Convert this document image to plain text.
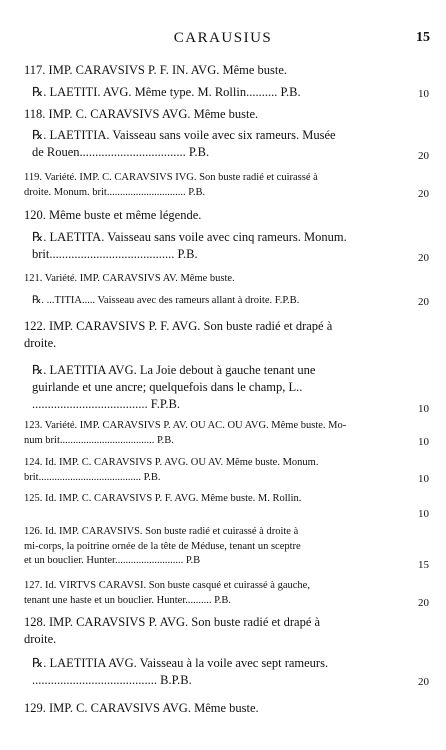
CARAUSIUS	15
117. IMP. CARAVSIVS P. F. IN. AVG. Même buste.
℞. LAETITI. AVG. Même type. M. Rollin.......... P.B.	10
118. IMP. C. CARAVSIVS AVG. Même buste.
℞. LAETITIA. Vaisseau sans voile avec six rameurs. Musée
de Rouen.................................. P.B.	20
119. Variété. IMP. C. CARAVSIVS IVG. Son buste radié et cuirassé à
droite. Monum. brit.............................. P.B.	20
120. Même buste et même légende.
℞. LAETITA. Vaisseau sans voile avec cinq rameurs. Monum.
brit........................................ P.B.	20
121. Variété. IMP. CARAVSIVS AV. Même buste.
℞. ...TITIA..... Vaisseau avec des rameurs allant à droite. F.P.B.	20
122. IMP. CARAVSIVS P. F. AVG. Son buste radié et drapé à
droite.
℞. LAETITIA AVG. La Joie debout à gauche tenant une
guirlande et une ancre; quelquefois dans le champ, L..
..................................... F.P.B.	10
123. Variété. IMP. CARAVSIVS P. AV. OU AC. OU AVG. Même buste. Mo-
num brit.................................... P.B.	10
124. Id. IMP. C. CARAVSIVS P. AVG. OU AV. Même buste. Monum.
brit....................................... P.B.	10
125. Id. IMP. C. CARAVSIVS P. F. AVG. Même buste. M. Rollin.
10
126. Id. IMP. CARAVSIVS. Son buste radié et cuirassé à droite à
mi-corps, la poitrine ornée de la tête de Méduse, tenant un sceptre
et un bouclier. Hunter.......................... P.B	15
127. Id. VIRTVS CARAVSI. Son buste casqué et cuirassé à gauche,
tenant une haste et un bouclier. Hunter.......... P.B.	20
128. IMP. CARAVSIVS P. AVG. Son buste radié et drapé à
droite.
℞. LAETITIA AVG. Vaisseau à la voile avec sept rameurs.
........................................ B.P.B.	20
129. IMP. C. CARAVSIVS AVG. Même buste.
